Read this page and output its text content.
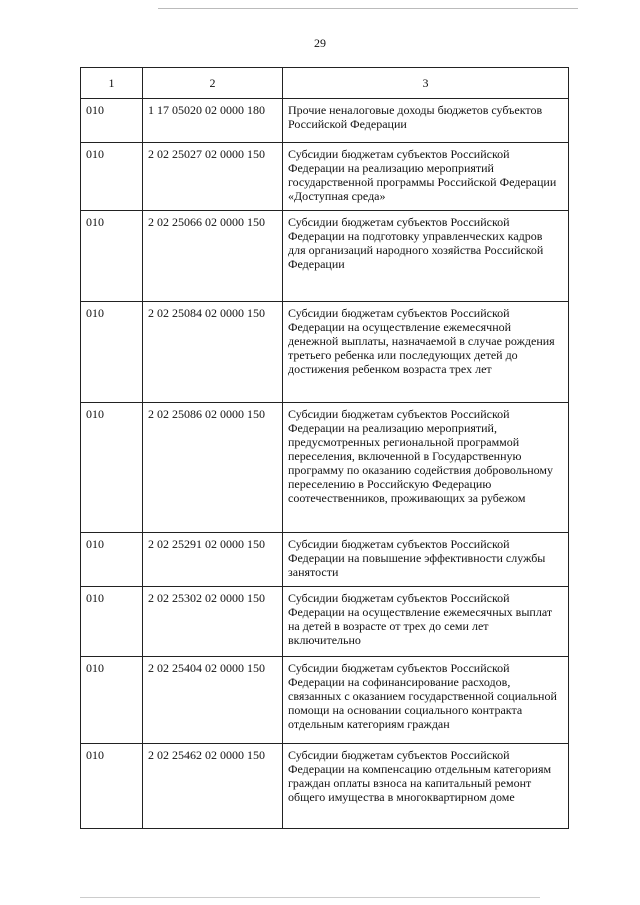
29
1	2	3
010	1 17 05020 02 0000 180	Прочие неналоговые доходы бюджетов субъектов Российской Федерации
010	2 02 25027 02 0000 150	Субсидии бюджетам субъектов Российской Федерации на реализацию мероприятий государственной программы Российской Федерации «Доступная среда»
010	2 02 25066 02 0000 150	Субсидии бюджетам субъектов Российской Федерации на подготовку управленческих кадров для организаций народного хозяйства Российской Федерации
010	2 02 25084 02 0000 150	Субсидии бюджетам субъектов Российской Федерации на осуществление ежемесячной денежной выплаты, назначаемой в случае рождения третьего ребенка или последующих детей до достижения ребенком возраста трех лет
010	2 02 25086 02 0000 150	Субсидии бюджетам субъектов Российской Федерации на реализацию мероприятий, предусмотренных региональной программой переселения, включенной в Государственную программу по оказанию содействия добровольному переселению в Российскую Федерацию соотечественников, проживающих за рубежом
010	2 02 25291 02 0000 150	Субсидии бюджетам субъектов Российской Федерации на повышение эффективности службы занятости
010	2 02 25302 02 0000 150	Субсидии бюджетам субъектов Российской Федерации на осуществление ежемесячных выплат на детей в возрасте от трех до семи лет включительно
010	2 02 25404 02 0000 150	Субсидии бюджетам субъектов Российской Федерации на софинансирование расходов, связанных с оказанием государственной социальной помощи на основании социального контракта отдельным категориям граждан
010	2 02 25462 02 0000 150	Субсидии бюджетам субъектов Российской Федерации на компенсацию отдельным категориям граждан оплаты взноса на капитальный ремонт общего имущества в многоквартирном доме
